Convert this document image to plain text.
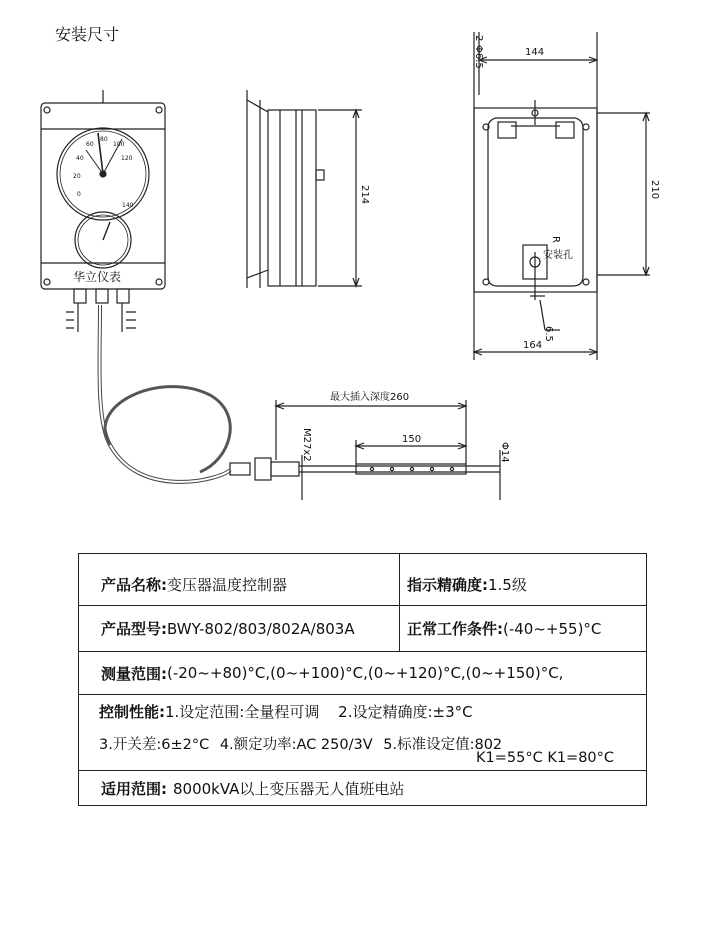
安装尺寸
2-Φ6.5	144
214	210
R
安装孔
6.5
164
最大插入深度260
150
M27x2	Φ14
华立仪表
0
20
40
60
80
100
120
140
产品名称: 变压器温度控制器	指示精确度: 1.5级
产品型号: BWY-802/803/802A/803A	正常工作条件: (-40~+55)°C
测量范围: (-20~+80)°C,(0~+100)°C,(0~+120)°C,(0~+150)°C,
控制性能:1.设定范围:全量程可调 2.设定精确度:±3°C
3.开关差:6±2°C 4.额定功率:AC 250/3V 5.标准设定值:802
K1=55°C K1=80°C
适用范围: 8000kVA以上变压器无人值班电站
